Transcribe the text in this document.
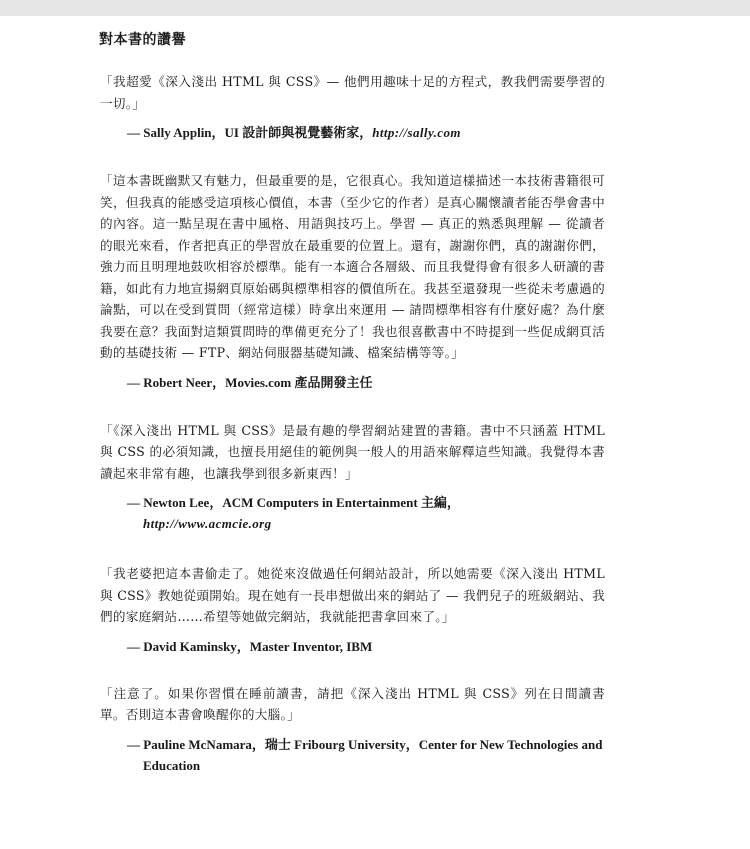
對本書的讚譽

「我超愛《深入淺出 HTML 與 CSS》— 他們用趣味十足的方程式，教我們需要學習的一切。」

— Sally Applin，UI 設計師與視覺藝術家，http://sally.com

「這本書既幽默又有魅力，但最重要的是，它很真心。我知道這樣描述一本技術書籍很可笑，但我真的能感受這項核心價值，本書（至少它的作者）是真心關懷讀者能否學會書中的內容。這一點呈現在書中風格、用語與技巧上。學習 — 真正的熟悉與理解 — 從讀者的眼光來看，作者把真正的學習放在最重要的位置上。還有，謝謝你們，真的謝謝你們，強力而且明理地鼓吹相容於標準。能有一本適合各層級、而且我覺得會有很多人研讀的書籍，如此有力地宣揚網頁原始碼與標準相容的價值所在。我甚至還發現一些從未考慮過的論點，可以在受到質問（經常這樣）時拿出來運用 — 請問標準相容有什麼好處？為什麼我要在意？我面對這類質問時的準備更充分了！我也很喜歡書中不時提到一些促成網頁活動的基礎技術 — FTP、網站伺服器基礎知識、檔案結構等等。」

— Robert Neer，Movies.com 產品開發主任

「《深入淺出 HTML 與 CSS》是最有趣的學習網站建置的書籍。書中不只涵蓋 HTML 與 CSS 的必須知識，也擅長用絕佳的範例與一般人的用語來解釋這些知識。我覺得本書讀起來非常有趣，也讓我學到很多新東西！」

— Newton Lee，ACM Computers in Entertainment 主編，
http://www.acmcie.org

「我老婆把這本書偷走了。她從來沒做過任何網站設計，所以她需要《深入淺出 HTML 與 CSS》教她從頭開始。現在她有一長串想做出來的網站了 — 我們兒子的班級網站、我們的家庭網站……希望等她做完網站，我就能把書拿回來了。」

— David Kaminsky，Master Inventor, IBM

「注意了。如果你習慣在睡前讀書，請把《深入淺出 HTML 與 CSS》列在日間讀書單。否則這本書會喚醒你的大腦。」

— Pauline McNamara，瑞士 Fribourg University，Center for New Technologies and Education
